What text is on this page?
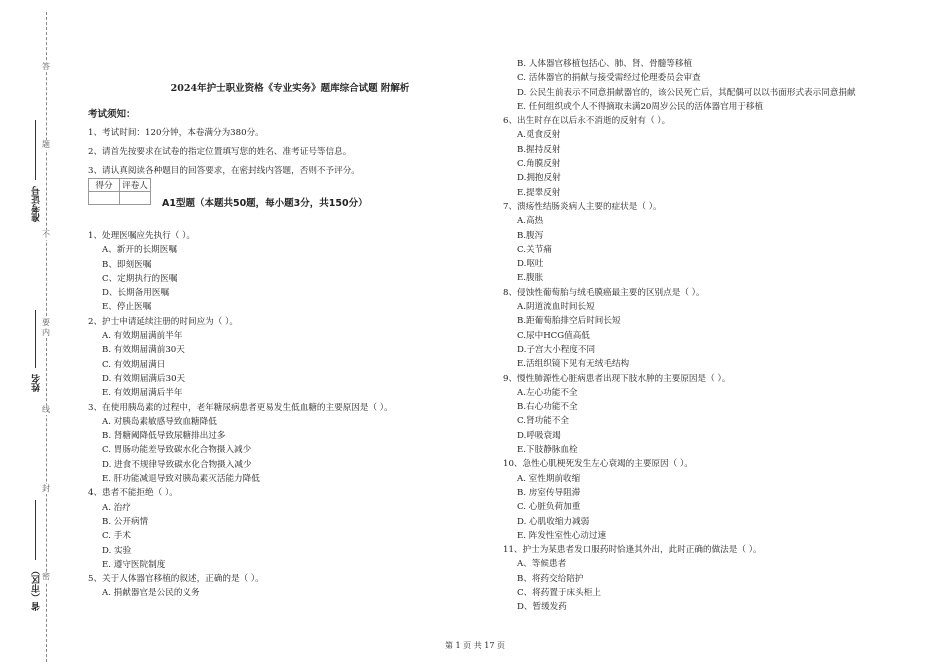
答
题
不
要
内
线
封
密
准考证号
姓名
省（市区）
2024年护士职业资格《专业实务》题库综合试题 附解析
考试须知：
1、考试时间：120分钟，本卷满分为380分。
2、请首先按要求在试卷的指定位置填写您的姓名、准考证号等信息。
3、请认真阅读各种题目的回答要求，在密封线内答题，否则不予评分。
得分	评卷人

A1型题（本题共50题，每小题3分，共150分）
1、处理医嘱应先执行（ ）。
A、新开的长期医嘱
B、即刻医嘱
C、定期执行的医嘱
D、长期备用医嘱
E、停止医嘱
2、护士申请延续注册的时间应为（ ）。
A. 有效期届满前半年
B. 有效期届满前30天
C. 有效期届满日
D. 有效期届满后30天
E. 有效期届满后半年
3、在使用胰岛素的过程中，老年糖尿病患者更易发生低血糖的主要原因是（ ）。
A. 对胰岛素敏感导致血糖降低
B. 肾糖阈降低导致尿糖排出过多
C. 胃肠功能差导致碳水化合物摄入减少
D. 进食不规律导致碳水化合物摄入减少
E. 肝功能减退导致对胰岛素灭活能力降低
4、患者不能拒绝（ ）。
A. 治疗
B. 公开病情
C. 手术
D. 实验
E. 遵守医院制度
5、关于人体器官移植的叙述，正确的是（ ）。
A. 捐献器官是公民的义务
B. 人体器官移植包括心、肺、肾、骨髓等移植
C. 活体器官的捐献与接受需经过伦理委员会审查
D. 公民生前表示不同意捐献器官的，该公民死亡后，其配偶可以以书面形式表示同意捐献
E. 任何组织或个人不得摘取未满20周岁公民的活体器官用于移植
6、出生时存在以后永不消逝的反射有（ ）。
A.觅食反射
B.握持反射
C.角膜反射
D.拥抱反射
E.提睾反射
7、溃疡性结肠炎病人主要的症状是（ ）。
A.高热
B.腹泻
C.关节痛
D.呕吐
E.腹胀
8、侵蚀性葡萄胎与绒毛膜癌最主要的区别点是（ ）。
A.阴道流血时间长短
B.距葡萄胎排空后时间长短
C.尿中HCG值高低
D.子宫大小程度不同
E.活组织镜下见有无绒毛结构
9、慢性肺源性心脏病患者出现下肢水肿的主要原因是（ ）。
A.左心功能不全
B.右心功能不全
C.肾功能不全
D.呼吸衰竭
E.下肢静脉血栓
10、急性心肌梗死发生左心衰竭的主要原因（ ）。
A. 室性期前收缩
B. 房室传导阻滞
C. 心脏负荷加重
D. 心肌收缩力减弱
E. 阵发性室性心动过速
11、护士为某患者发口服药时恰逢其外出，此时正确的做法是（ ）。
A、等候患者
B、将药交给陪护
C、将药置于床头柜上
D、暂缓发药
第 1 页 共 17 页
